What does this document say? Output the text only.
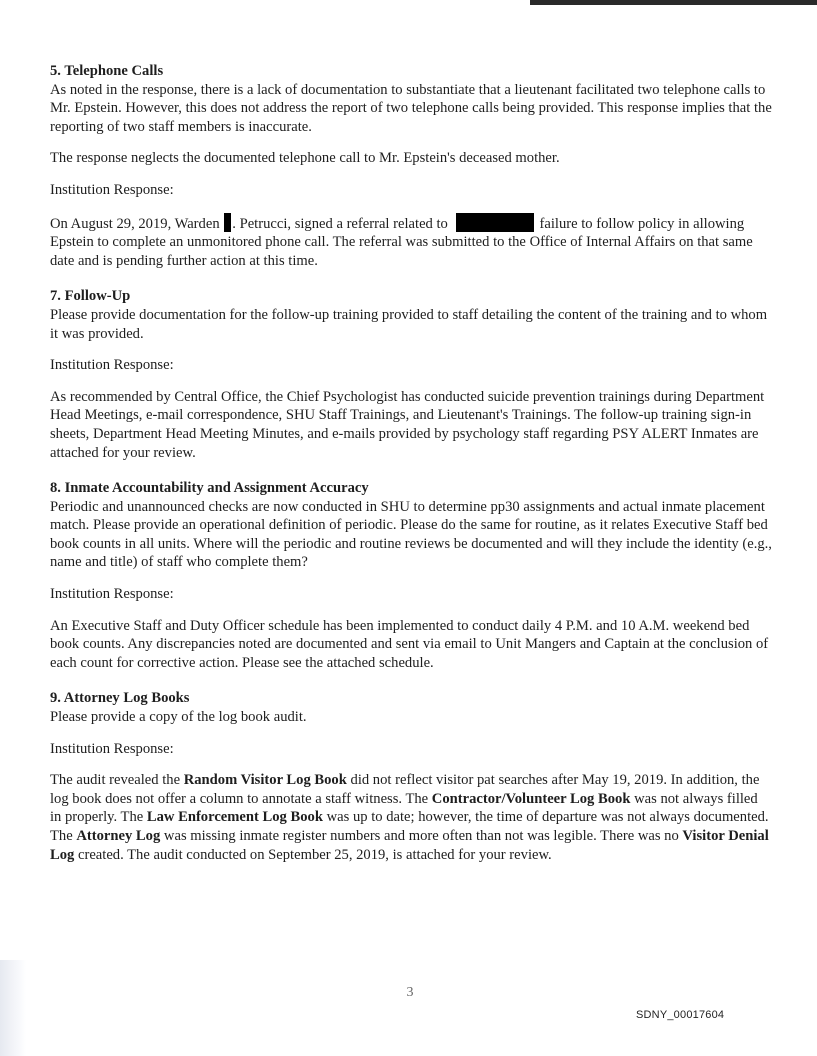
5. Telephone Calls

As noted in the response, there is a lack of documentation to substantiate that a lieutenant facilitated two telephone calls to Mr. Epstein. However, this does not address the report of two telephone calls being provided. This response implies that the reporting of two staff members is inaccurate.

The response neglects the documented telephone call to Mr. Epstein's deceased mother.

Institution Response:

On August 29, 2019, Warden . Petrucci, signed a referral related to	failure to follow policy in allowing Epstein to complete an unmonitored phone call. The referral was submitted to the Office of Internal Affairs on that same date and is pending further action at this time.

7. Follow-Up

Please provide documentation for the follow-up training provided to staff detailing the content of the training and to whom it was provided.

Institution Response:

As recommended by Central Office, the Chief Psychologist has conducted suicide prevention trainings during Department Head Meetings, e-mail correspondence, SHU Staff Trainings, and Lieutenant's Trainings. The follow-up training sign-in sheets, Department Head Meeting Minutes, and e-mails provided by psychology staff regarding PSY ALERT Inmates are attached for your review.

8. Inmate Accountability and Assignment Accuracy

Periodic and unannounced checks are now conducted in SHU to determine pp30 assignments and actual inmate placement match. Please provide an operational definition of periodic. Please do the same for routine, as it relates Executive Staff bed book counts in all units. Where will the periodic and routine reviews be documented and will they include the identity (e.g., name and title) of staff who complete them?

Institution Response:

An Executive Staff and Duty Officer schedule has been implemented to conduct daily 4 P.M. and 10 A.M. weekend bed book counts. Any discrepancies noted are documented and sent via email to Unit Mangers and Captain at the conclusion of each count for corrective action. Please see the attached schedule.

9. Attorney Log Books

Please provide a copy of the log book audit.

Institution Response:

The audit revealed the Random Visitor Log Book did not reflect visitor pat searches after May 19, 2019. In addition, the log book does not offer a column to annotate a staff witness. The Contractor/Volunteer Log Book was not always filled in properly. The Law Enforcement Log Book was up to date; however, the time of departure was not always documented. The Attorney Log was missing inmate register numbers and more often than not was legible. There was no Visitor Denial Log created. The audit conducted on September 25, 2019, is attached for your review.

3
SDNY_00017604
